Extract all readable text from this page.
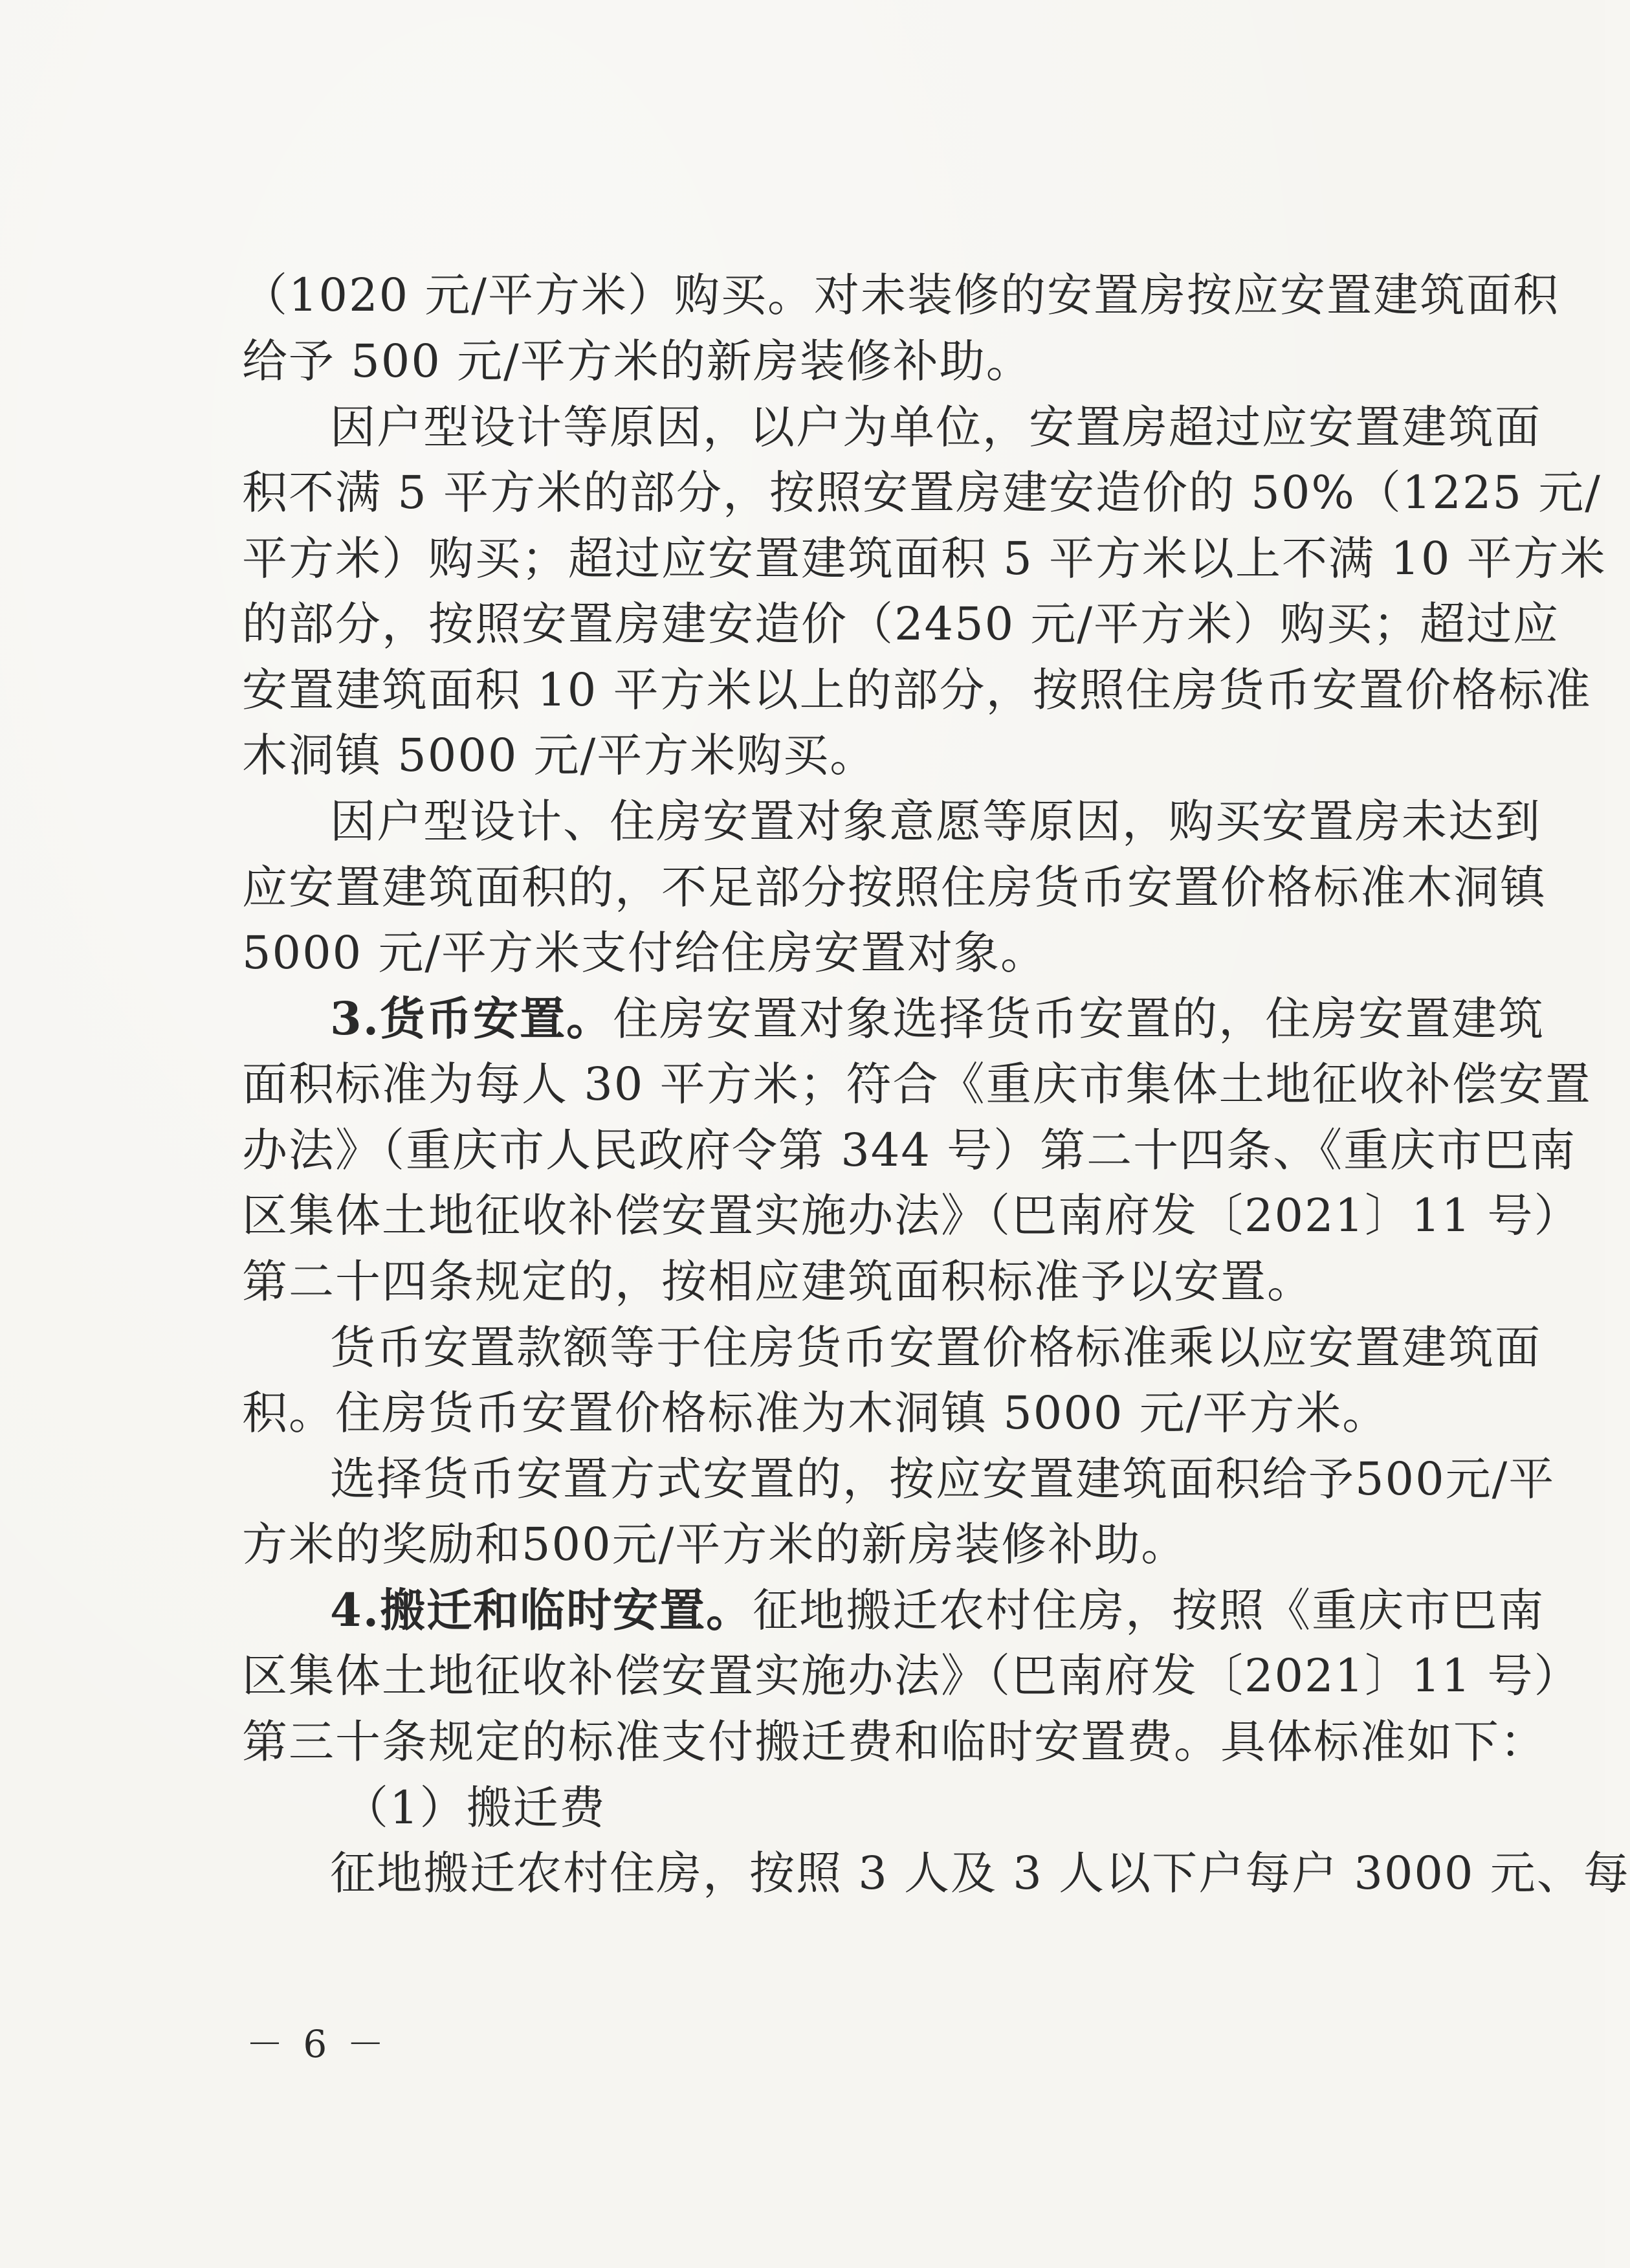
－ 6 －
（1020 元/平方米）购买。对未装修的安置房按应安置建筑面积
给予 500 元/平方米的新房装修补助。
因户型设计等原因，以户为单位，安置房超过应安置建筑面
积不满 5 平方米的部分，按照安置房建安造价的 50%（1225 元/
平方米）购买；超过应安置建筑面积 5 平方米以上不满 10 平方米
的部分，按照安置房建安造价（2450 元/平方米）购买；超过应
安置建筑面积 10 平方米以上的部分，按照住房货币安置价格标准
木洞镇 5000 元/平方米购买。
因户型设计、住房安置对象意愿等原因，购买安置房未达到
应安置建筑面积的，不足部分按照住房货币安置价格标准木洞镇
5000 元/平方米支付给住房安置对象。
3.货币安置。住房安置对象选择货币安置的，住房安置建筑
面积标准为每人 30 平方米；符合《重庆市集体土地征收补偿安置
办法》（重庆市人民政府令第 344 号）第二十四条、《重庆市巴南
区集体土地征收补偿安置实施办法》（巴南府发〔2021〕11 号）
第二十四条规定的，按相应建筑面积标准予以安置。
货币安置款额等于住房货币安置价格标准乘以应安置建筑面
积。住房货币安置价格标准为木洞镇 5000 元/平方米。
选择货币安置方式安置的，按应安置建筑面积给予500元/平
方米的奖励和500元/平方米的新房装修补助。
4.搬迁和临时安置。征地搬迁农村住房，按照《重庆市巴南
区集体土地征收补偿安置实施办法》（巴南府发〔2021〕11 号）
第三十条规定的标准支付搬迁费和临时安置费。具体标准如下：
（1）搬迁费
征地搬迁农村住房，按照 3 人及 3 人以下户每户 3000 元、每
